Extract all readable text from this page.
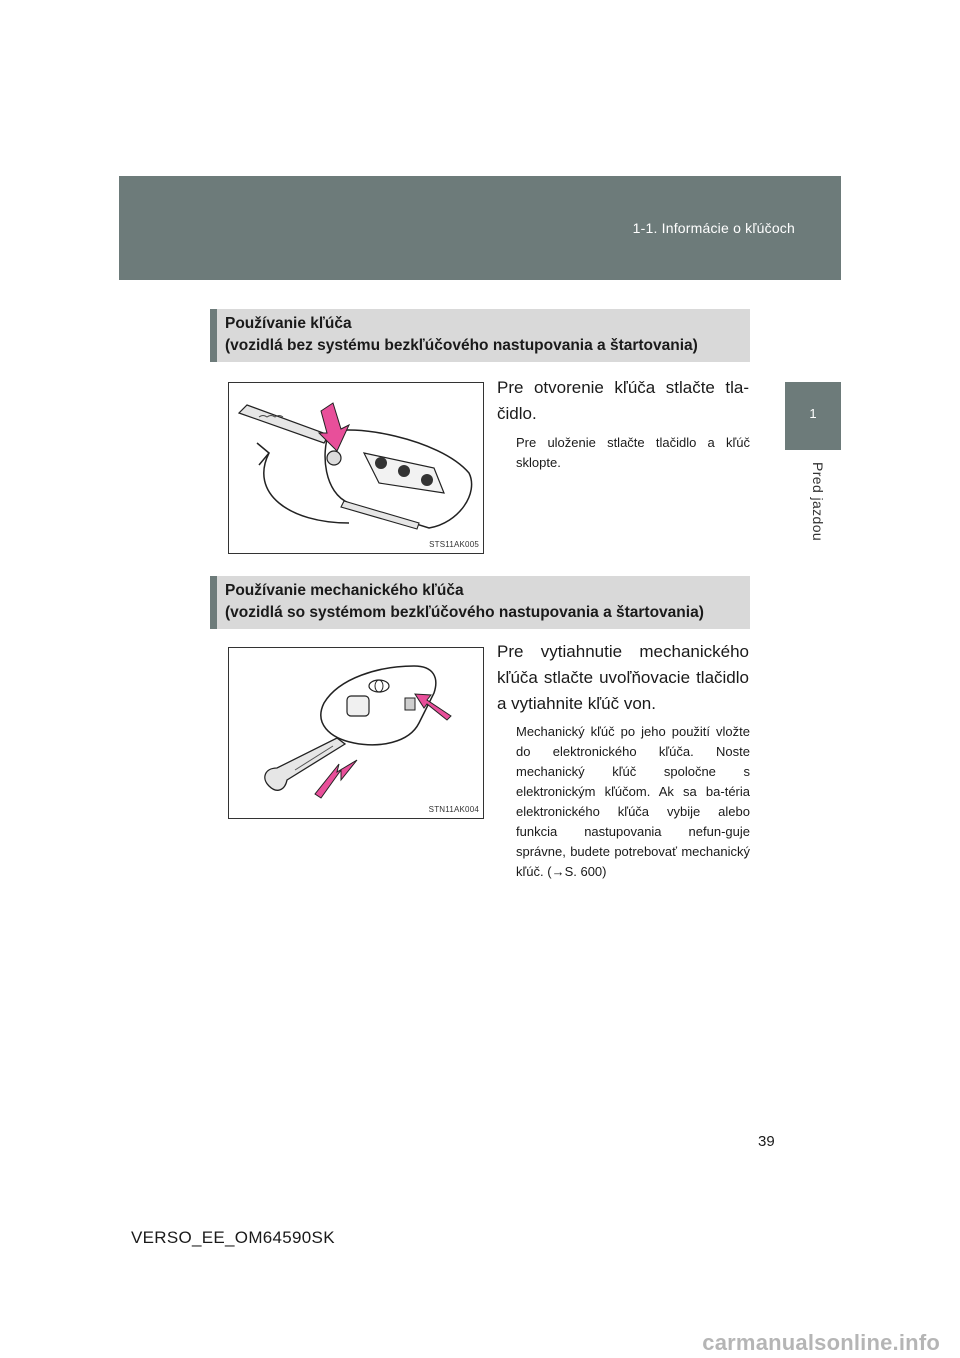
1-1. Informácie o kľúčoch
1
Pred jazdou
Používanie kľúča
(vozidlá bez systému bezkľúčového nastupovania a štartovania)
STS11AK005
Pre otvorenie kľúča stlačte tla-čidlo.
Pre uloženie stlačte tlačidlo a kľúč sklopte.
Používanie mechanického kľúča
(vozidlá so systémom bezkľúčového nastupovania a štartovania)
STN11AK004
Pre vytiahnutie mechanického kľúča stlačte uvoľňovacie tlačidlo a vytiahnite kľúč von.
Mechanický kľúč po jeho použití vložte do elektronického kľúča. Noste mechanický kľúč spoločne s elektronickým kľúčom. Ak sa ba-téria elektronického kľúča vybije alebo funkcia nastupovania nefun-guje správne, budete potrebovať mechanický kľúč. (→S. 600)
39
VERSO_EE_OM64590SK
carmanualsonline.info
